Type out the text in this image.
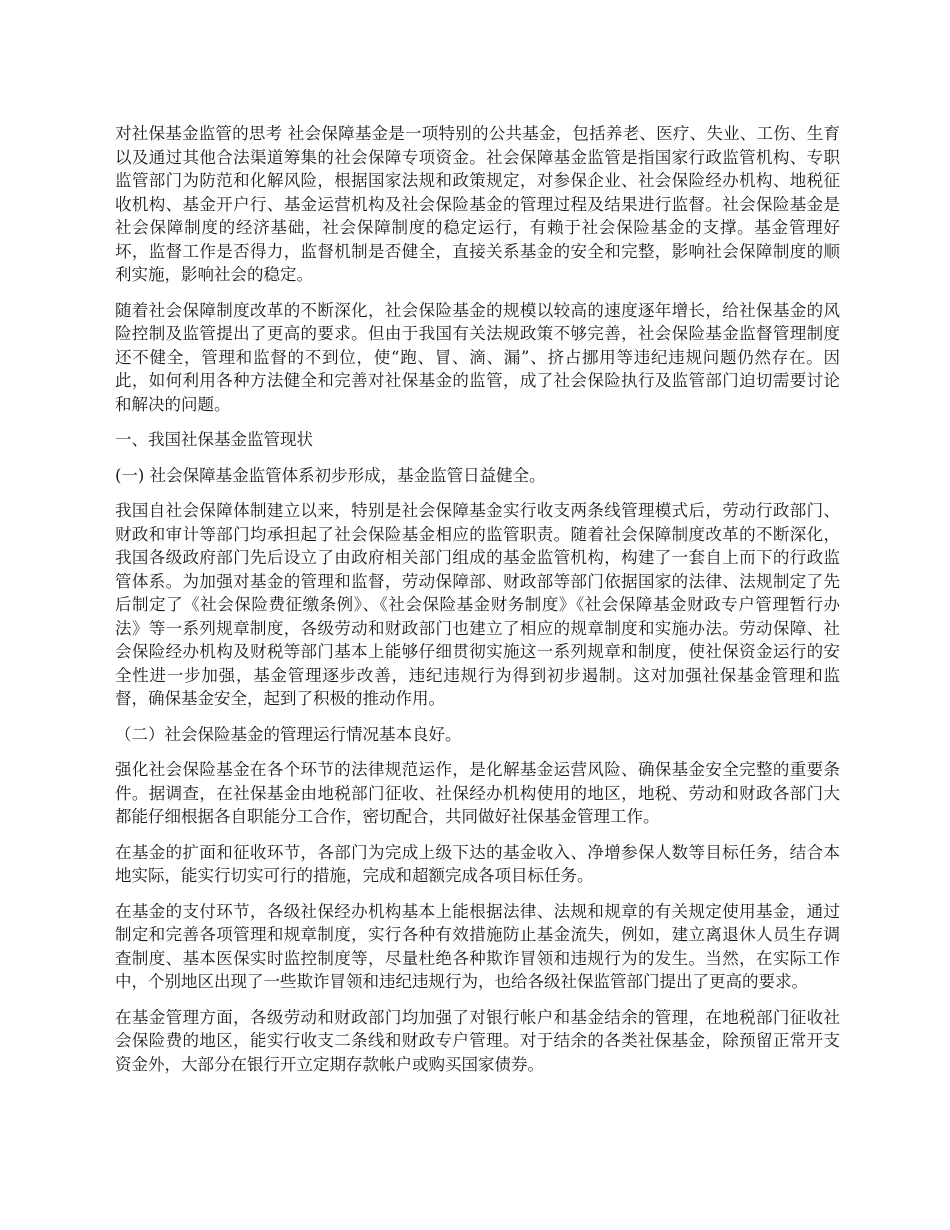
对社保基金监管的思考 社会保障基金是一项特别的公共基金，包括养老、医疗、失业、工伤、生育以及通过其他合法渠道筹集的社会保障专项资金。社会保障基金监管是指国家行政监管机构、专职监管部门为防范和化解风险，根据国家法规和政策规定，对参保企业、社会保险经办机构、地税征收机构、基金开户行、基金运营机构及社会保险基金的管理过程及结果进行监督。社会保险基金是社会保障制度的经济基础，社会保障制度的稳定运行，有赖于社会保险基金的支撑。基金管理好坏，监督工作是否得力，监督机制是否健全，直接关系基金的安全和完整，影响社会保障制度的顺利实施，影响社会的稳定。

随着社会保障制度改革的不断深化，社会保险基金的规模以较高的速度逐年增长，给社保基金的风险控制及监管提出了更高的要求。但由于我国有关法规政策不够完善，社会保险基金监督管理制度还不健全，管理和监督的不到位，使“跑、冒、滴、漏”、挤占挪用等违纪违规问题仍然存在。因此，如何利用各种方法健全和完善对社保基金的监管，成了社会保险执行及监管部门迫切需要讨论和解决的问题。

一、我国社保基金监管现状

(一) 社会保障基金监管体系初步形成，基金监管日益健全。

我国自社会保障体制建立以来，特别是社会保障基金实行收支两条线管理模式后，劳动行政部门、财政和审计等部门均承担起了社会保险基金相应的监管职责。随着社会保障制度改革的不断深化，我国各级政府部门先后设立了由政府相关部门组成的基金监管机构，构建了一套自上而下的行政监管体系。为加强对基金的管理和监督，劳动保障部、财政部等部门依据国家的法律、法规制定了先后制定了《社会保险费征缴条例》、《社会保险基金财务制度》《社会保障基金财政专户管理暂行办法》等一系列规章制度，各级劳动和财政部门也建立了相应的规章制度和实施办法。劳动保障、社会保险经办机构及财税等部门基本上能够仔细贯彻实施这一系列规章和制度，使社保资金运行的安全性进一步加强，基金管理逐步改善，违纪违规行为得到初步遏制。这对加强社保基金管理和监督，确保基金安全，起到了积极的推动作用。

（二）社会保险基金的管理运行情况基本良好。

强化社会保险基金在各个环节的法律规范运作，是化解基金运营风险、确保基金安全完整的重要条件。据调查，在社保基金由地税部门征收、社保经办机构使用的地区，地税、劳动和财政各部门大都能仔细根据各自职能分工合作，密切配合，共同做好社保基金管理工作。

在基金的扩面和征收环节，各部门为完成上级下达的基金收入、净增参保人数等目标任务，结合本地实际，能实行切实可行的措施，完成和超额完成各项目标任务。

在基金的支付环节，各级社保经办机构基本上能根据法律、法规和规章的有关规定使用基金，通过制定和完善各项管理和规章制度，实行各种有效措施防止基金流失，例如，建立离退休人员生存调查制度、基本医保实时监控制度等，尽量杜绝各种欺诈冒领和违规行为的发生。当然，在实际工作中，个别地区出现了一些欺诈冒领和违纪违规行为，也给各级社保监管部门提出了更高的要求。

在基金管理方面，各级劳动和财政部门均加强了对银行帐户和基金结余的管理，在地税部门征收社会保险费的地区，能实行收支二条线和财政专户管理。对于结余的各类社保基金，除预留正常开支资金外，大部分在银行开立定期存款帐户或购买国家债券。
